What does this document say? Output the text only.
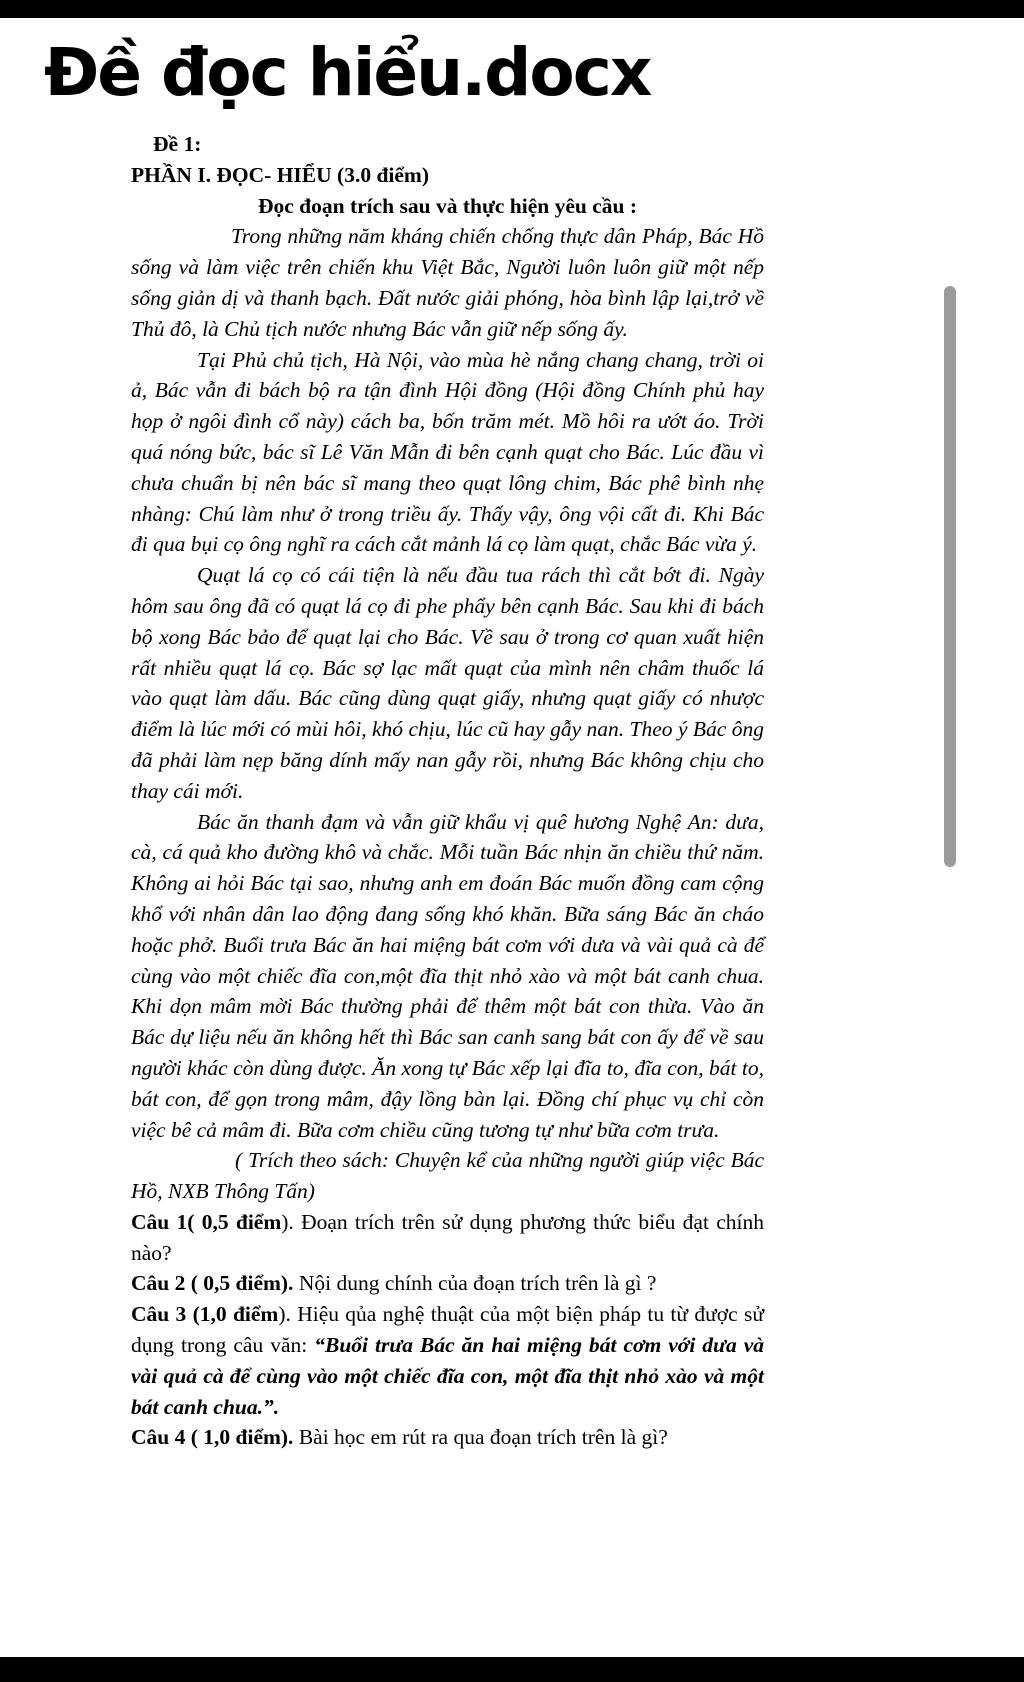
Đề đọc hiểu.docx

Đề 1:

PHẦN I. ĐỌC- HIỂU (3.0 điểm)

Đọc đoạn trích sau và thực hiện yêu cầu :

Trong những năm kháng chiến chống thực dân Pháp, Bác Hồ sống và làm việc trên chiến khu Việt Bắc, Người luôn luôn giữ một nếp sống giản dị và thanh bạch. Đất nước giải phóng, hòa bình lập lại,trở về Thủ đô, là Chủ tịch nước nhưng Bác vẫn giữ nếp sống ấy.

Tại Phủ chủ tịch, Hà Nội, vào mùa hè nắng chang chang, trời oi ả, Bác vẫn đi bách bộ ra tận đình Hội đồng (Hội đồng Chính phủ hay họp ở ngôi đình cổ này) cách ba, bốn trăm mét. Mồ hôi ra ướt áo. Trời quá nóng bức, bác sĩ Lê Văn Mẫn đi bên cạnh quạt cho Bác. Lúc đầu vì chưa chuẩn bị nên bác sĩ mang theo quạt lông chim, Bác phê bình nhẹ nhàng: Chú làm như ở trong triều ấy. Thấy vậy, ông vội cất đi. Khi Bác đi qua bụi cọ ông nghĩ ra cách cắt mảnh lá cọ làm quạt, chắc Bác vừa ý.

Quạt lá cọ có cái tiện là nếu đầu tua rách thì cắt bớt đi. Ngày hôm sau ông đã có quạt lá cọ đi phe phẩy bên cạnh Bác. Sau khi đi bách bộ xong Bác bảo để quạt lại cho Bác. Về sau ở trong cơ quan xuất hiện rất nhiều quạt lá cọ. Bác sợ lạc mất quạt của mình nên châm thuốc lá vào quạt làm dấu. Bác cũng dùng quạt giấy, nhưng quạt giấy có nhược điểm là lúc mới có mùi hôi, khó chịu, lúc cũ hay gẫy nan. Theo ý Bác ông đã phải làm nẹp băng dính mấy nan gẫy rồi, nhưng Bác không chịu cho thay cái mới.

Bác ăn thanh đạm và vẫn giữ khẩu vị quê hương Nghệ An: dưa, cà, cá quả kho đường khô và chắc. Mỗi tuần Bác nhịn ăn chiều thứ năm. Không ai hỏi Bác tại sao, nhưng anh em đoán Bác muốn đồng cam cộng khổ với nhân dân lao động đang sống khó khăn. Bữa sáng Bác ăn cháo hoặc phở. Buổi trưa Bác ăn hai miệng bát cơm với dưa và vài quả cà để cùng vào một chiếc đĩa con,một đĩa thịt nhỏ xào và một bát canh chua. Khi dọn mâm mời Bác thường phải để thêm một bát con thừa. Vào ăn Bác dự liệu nếu ăn không hết thì Bác san canh sang bát con ấy để về sau người khác còn dùng được. Ăn xong tự Bác xếp lại đĩa to, đĩa con, bát to, bát con, để gọn trong mâm, đậy lồng bàn lại. Đồng chí phục vụ chỉ còn việc bê cả mâm đi. Bữa cơm chiều cũng tương tự như bữa cơm trưa.

( Trích theo sách: Chuyện kể của những người giúp việc Bác Hồ, NXB Thông Tấn)

Câu 1( 0,5 điểm). Đoạn trích trên sử dụng phương thức biểu đạt chính nào?

Câu 2 ( 0,5 điểm). Nội dung chính của đoạn trích trên là gì ?

Câu 3 (1,0 điểm). Hiệu qủa nghệ thuật của một biện pháp tu từ được sử dụng trong câu văn: “Buổi trưa Bác ăn hai miệng bát cơm với dưa và vài quả cà để cùng vào một chiếc đĩa con, một đĩa thịt nhỏ xào và một bát canh chua.”.

Câu 4 ( 1,0 điểm). Bài học em rút ra qua đoạn trích trên là gì?
